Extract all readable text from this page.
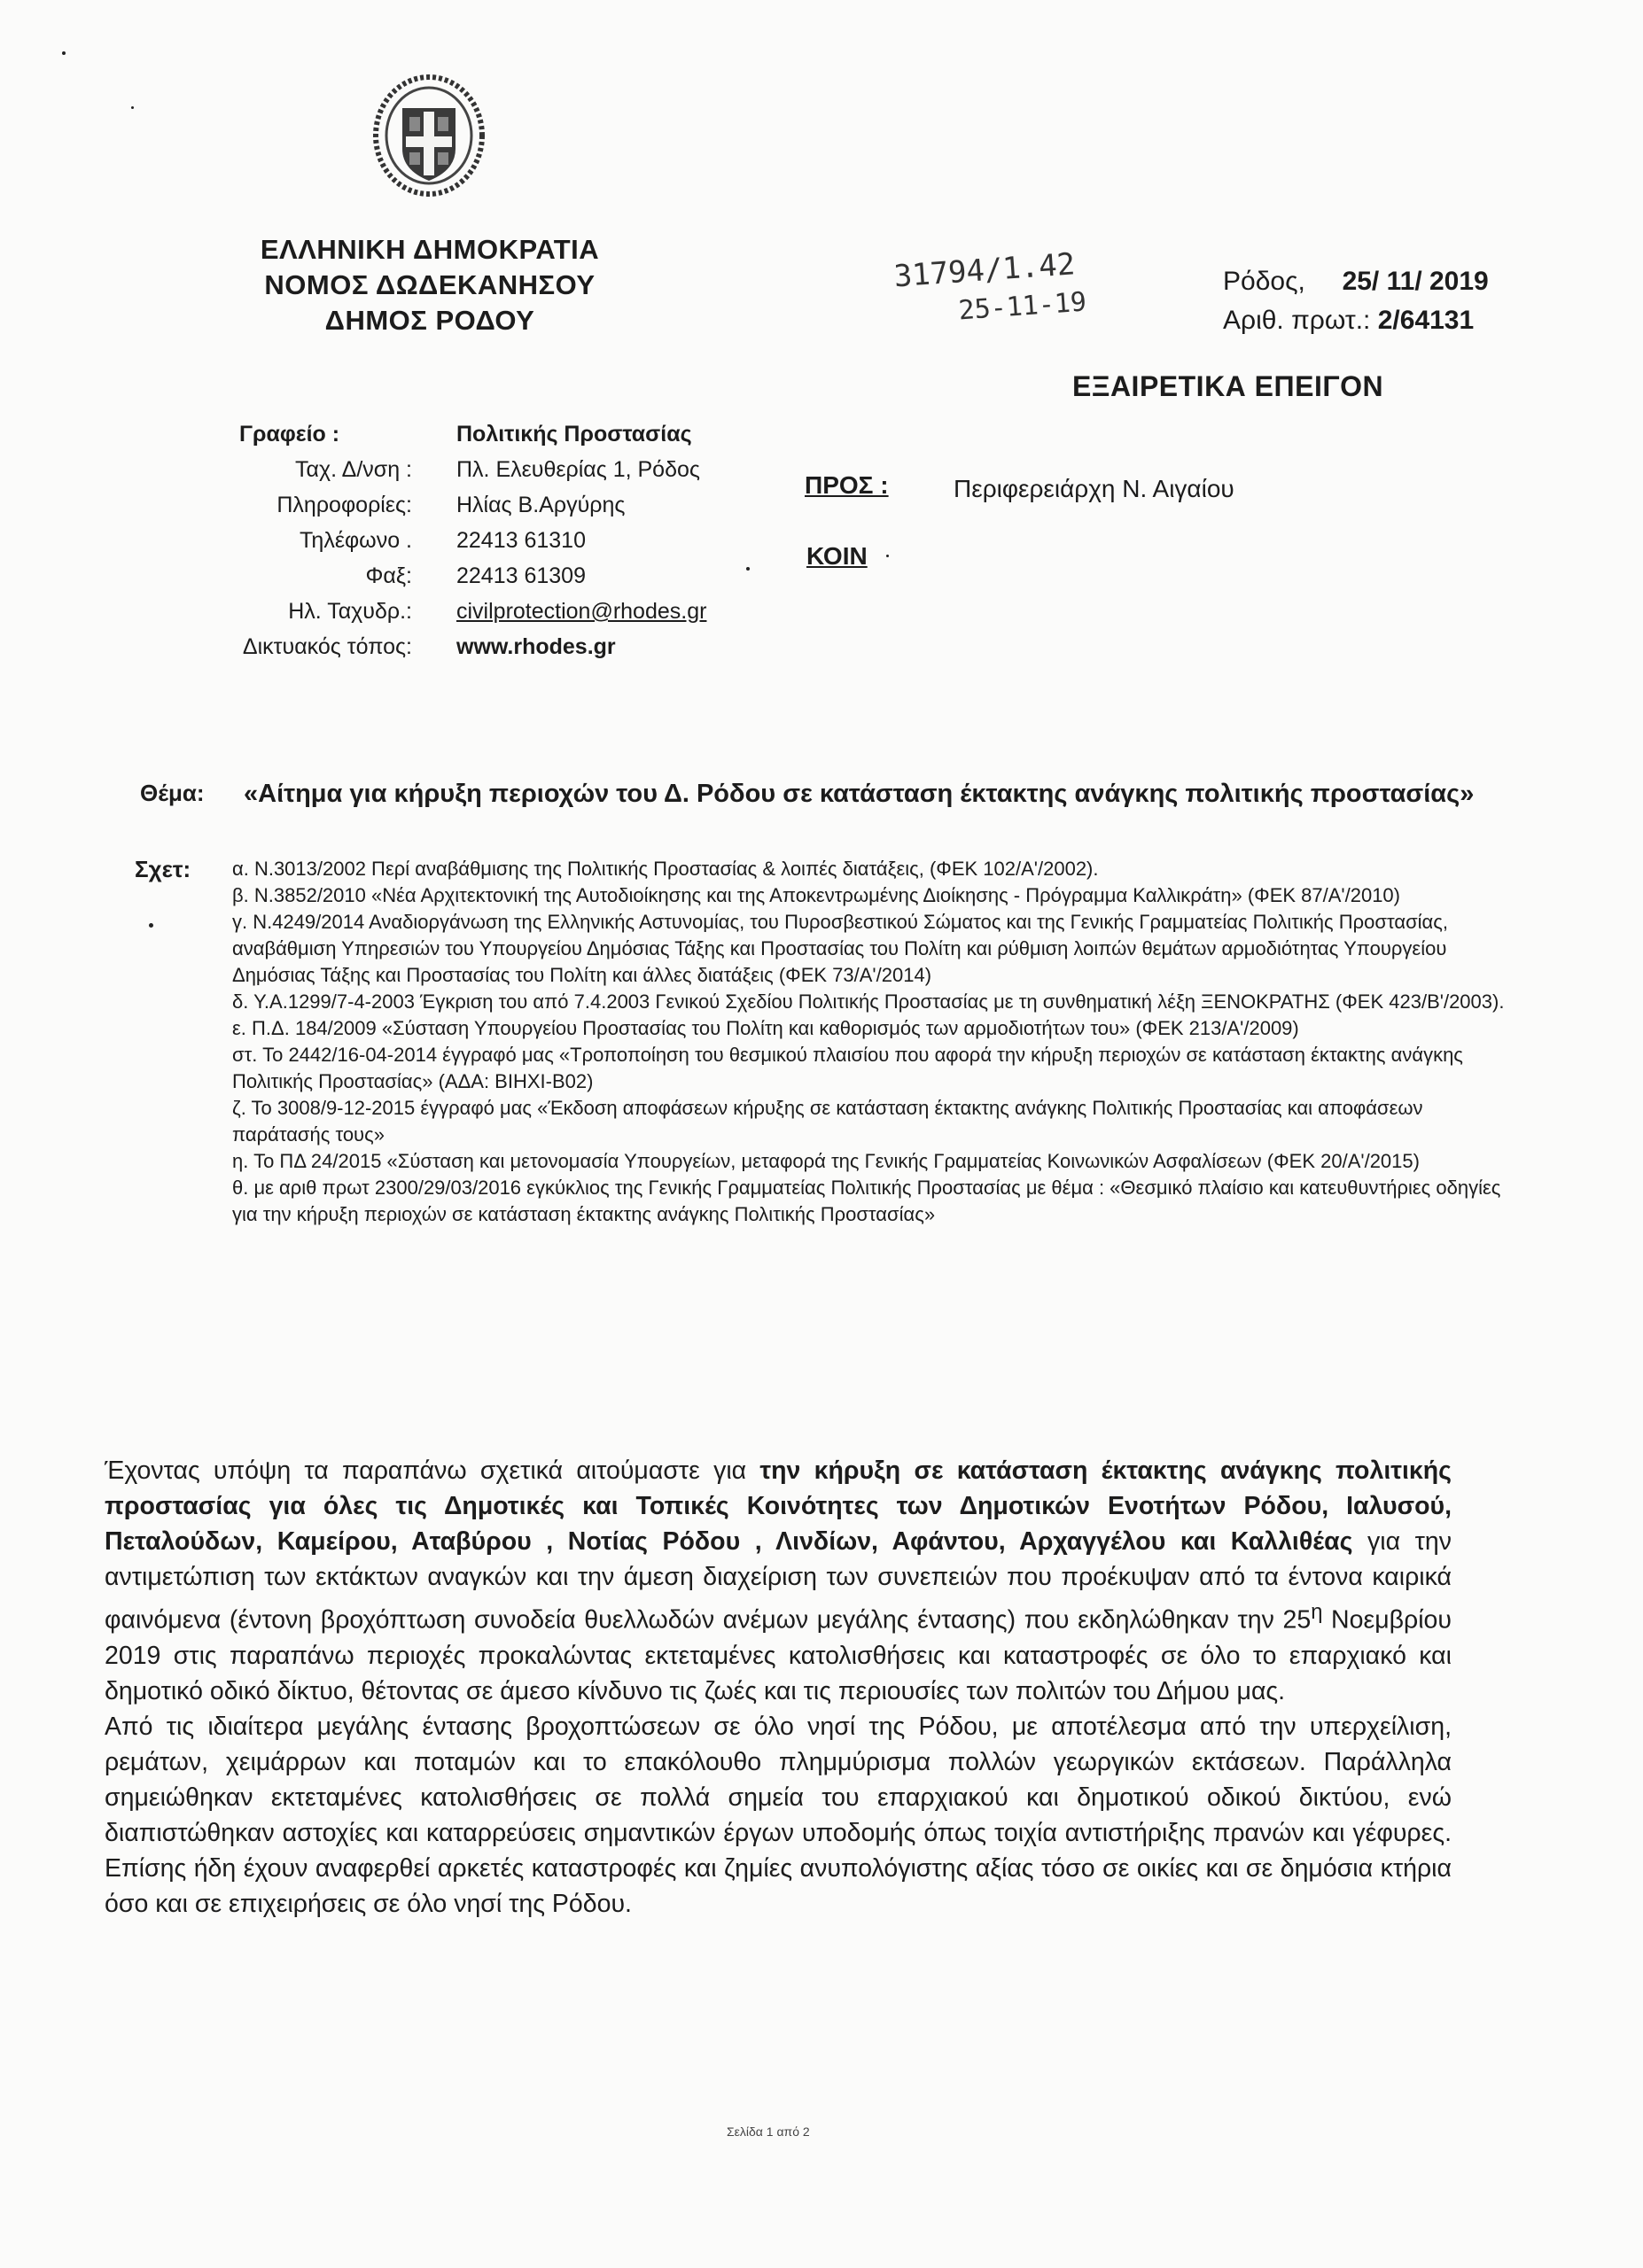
ΕΛΛΗΝΙΚΗ ΔΗΜΟΚΡΑΤΙΑ
ΝΟΜΟΣ ΔΩΔΕΚΑΝΗΣΟΥ
ΔΗΜΟΣ ΡΟΔΟΥ
31794/1.42
25-11-19
Ρόδος, 25/ 11/ 2019
Αριθ. πρωτ.: 2/64131
ΕΞΑΙΡΕΤΙΚΑ ΕΠΕΙΓΟΝ
Γραφείο :	Πολιτικής Προστασίας
Ταχ. Δ/νση :	Πλ. Ελευθερίας 1, Ρόδος
Πληροφορίες:	Ηλίας Β.Αργύρης
Τηλέφωνο .	22413 61310
Φαξ:	22413 61309
Ηλ. Ταχυδρ.:	civilprotection@rhodes.gr
Δικτυακός τόπος:	www.rhodes.gr
ΠΡΟΣ :	Περιφερειάρχη Ν. Αιγαίου
ΚΟΙΝ
Θέμα: «Αίτημα για κήρυξη περιοχών του Δ. Ρόδου σε κατάσταση έκτακτης ανάγκης πολιτικής προστασίας»
Σχετ: α. Ν.3013/2002 Περί αναβάθμισης της Πολιτικής Προστασίας & λοιπές διατάξεις, (ΦΕΚ 102/Α'/2002).

β. Ν.3852/2010 «Νέα Αρχιτεκτονική της Αυτοδιοίκησης και της Αποκεντρωμένης Διοίκησης - Πρόγραμμα Καλλικράτη» (ΦΕΚ 87/Α'/2010)

γ. Ν.4249/2014 Αναδιοργάνωση της Ελληνικής Αστυνομίας, του Πυροσβεστικού Σώματος και της Γενικής Γραμματείας Πολιτικής Προστασίας, αναβάθμιση Υπηρεσιών του Υπουργείου Δημόσιας Τάξης και Προστασίας του Πολίτη και ρύθμιση λοιπών θεμάτων αρμοδιότητας Υπουργείου Δημόσιας Τάξης και Προστασίας του Πολίτη και άλλες διατάξεις (ΦΕΚ 73/Α'/2014)

δ. Υ.Α.1299/7-4-2003 Έγκριση του από 7.4.2003 Γενικού Σχεδίου Πολιτικής Προστασίας με τη συνθηματική λέξη ΞΕΝΟΚΡΑΤΗΣ (ΦΕΚ 423/Β'/2003).

ε. Π.Δ. 184/2009 «Σύσταση Υπουργείου Προστασίας του Πολίτη και καθορισμός των αρμοδιοτήτων του» (ΦΕΚ 213/Α'/2009)

στ. Το 2442/16-04-2014 έγγραφό μας «Τροποποίηση του θεσμικού πλαισίου που αφορά την κήρυξη περιοχών σε κατάσταση έκτακτης ανάγκης Πολιτικής Προστασίας» (ΑΔΑ: ΒΙΗΧΙ-Β02)

ζ. Το 3008/9-12-2015 έγγραφό μας «Έκδοση αποφάσεων κήρυξης σε κατάσταση έκτακτης ανάγκης Πολιτικής Προστασίας και αποφάσεων παράτασής τους»

η. Το ΠΔ 24/2015 «Σύσταση και μετονομασία Υπουργείων, μεταφορά της Γενικής Γραμματείας Κοινωνικών Ασφαλίσεων (ΦΕΚ 20/Α'/2015)

θ. με αριθ πρωτ 2300/29/03/2016 εγκύκλιος της Γενικής Γραμματείας Πολιτικής Προστασίας με θέμα : «Θεσμικό πλαίσιο και κατευθυντήριες οδηγίες για την κήρυξη περιοχών σε κατάσταση έκτακτης ανάγκης Πολιτικής Προστασίας»

Έχοντας υπόψη τα παραπάνω σχετικά αιτούμαστε για την κήρυξη σε κατάσταση έκτακτης ανάγκης πολιτικής προστασίας για όλες τις Δημοτικές και Τοπικές Κοινότητες των Δημοτικών Ενοτήτων Ρόδου, Ιαλυσού, Πεταλούδων, Καμείρου, Αταβύρου , Νοτίας Ρόδου , Λινδίων, Αφάντου, Αρχαγγέλου και Καλλιθέας για την αντιμετώπιση των εκτάκτων αναγκών και την άμεση διαχείριση των συνεπειών που προέκυψαν από τα έντονα καιρικά φαινόμενα (έντονη βροχόπτωση συνοδεία θυελλωδών ανέμων μεγάλης έντασης) που εκδηλώθηκαν την $25^\eta$ Νοεμβρίου 2019 στις παραπάνω περιοχές προκαλώντας εκτεταμένες κατολισθήσεις και καταστροφές σε όλο το επαρχιακό και δημοτικό οδικό δίκτυο, θέτοντας σε άμεσο κίνδυνο τις ζωές και τις περιουσίες των πολιτών του Δήμου μας.

Από τις ιδιαίτερα μεγάλης έντασης βροχοπτώσεων σε όλο νησί της Ρόδου, με αποτέλεσμα από την υπερχείλιση, ρεμάτων, χειμάρρων και ποταμών και το επακόλουθο πλημμύρισμα πολλών γεωργικών εκτάσεων. Παράλληλα σημειώθηκαν εκτεταμένες κατολισθήσεις σε πολλά σημεία του επαρχιακού και δημοτικού οδικού δικτύου, ενώ διαπιστώθηκαν αστοχίες και καταρρεύσεις σημαντικών έργων υποδομής όπως τοιχία αντιστήριξης πρανών και γέφυρες. Επίσης ήδη έχουν αναφερθεί αρκετές καταστροφές και ζημίες ανυπολόγιστης αξίας τόσο σε οικίες και σε δημόσια κτήρια όσο και σε επιχειρήσεις σε όλο νησί της Ρόδου.

Σελίδα 1 από 2
